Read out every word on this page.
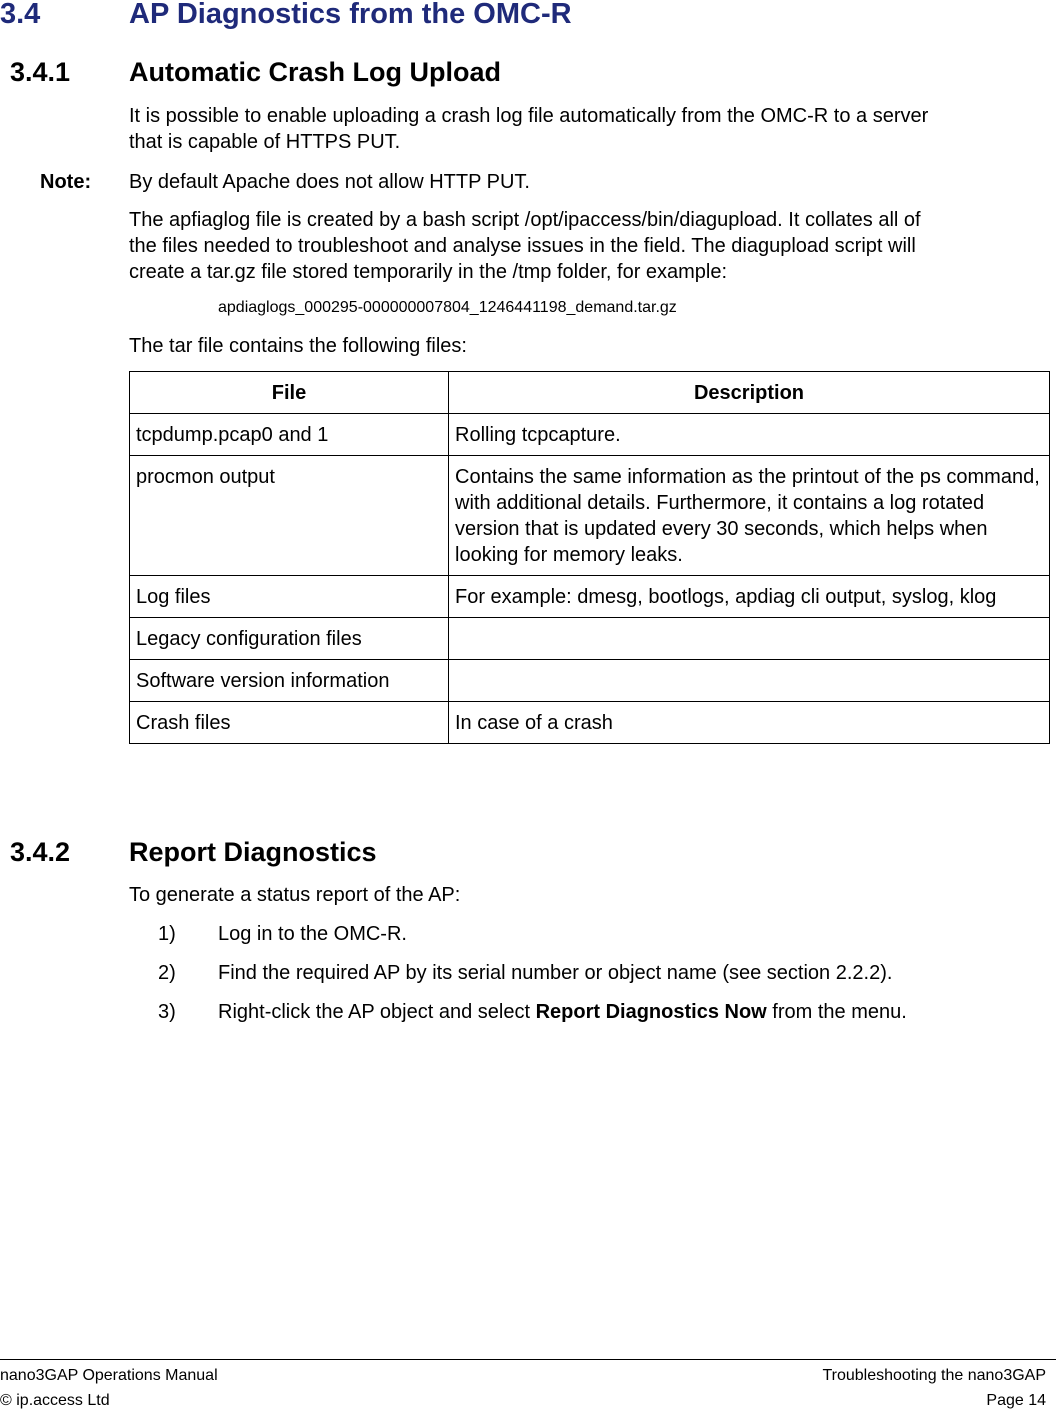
3.4	AP Diagnostics from the OMC-R
3.4.1 Automatic Crash Log Upload
It is possible to enable uploading a crash log file automatically from the OMC-R to a server
that is capable of HTTPS PUT.
Note: By default Apache does not allow HTTP PUT.
The apfiaglog file is created by a bash script /opt/ipaccess/bin/diagupload. It collates all of
the files needed to troubleshoot and analyse issues in the field. The diagupload script will
create a tar.gz file stored temporarily in the /tmp folder, for example:
apdiaglogs_000295-000000007804_1246441198_demand.tar.gz
The tar file contains the following files:
File	Description
tcpdump.pcap0 and 1	Rolling tcpcapture.
procmon output	Contains the same information as the printout of the ps command, with additional details. Furthermore, it contains a log rotated version that is updated every 30 seconds, which helps when looking for memory leaks.
Log files	For example: dmesg, bootlogs, apdiag cli output, syslog, klog
Legacy configuration files	
Software version information	
Crash files	In case of a crash
3.4.2 Report Diagnostics
To generate a status report of the AP:
1) Log in to the OMC-R.
2) Find the required AP by its serial number or object name (see section 2.2.2).
3) Right-click the AP object and select Report Diagnostics Now from the menu.
nano3GAP Operations Manual
© ip.access Ltd
Troubleshooting the nano3GAP
Page 14
